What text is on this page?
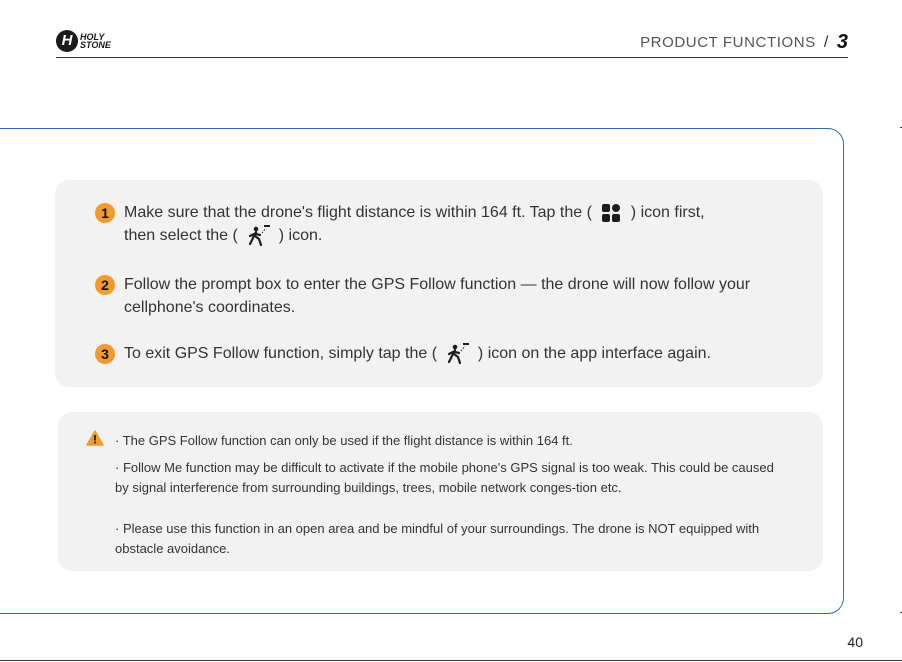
H HOLY
STONE	PRODUCT FUNCTIONS / 3
1 Make sure that the drone's flight distance is within 164 ft. Tap the (
) icon first,
then select the (  ) icon.
2 Follow the prompt box to enter the GPS Follow function — the drone will now follow your cellphone's coordinates.
3 To exit GPS Follow function, simply tap the (  ) icon on the app interface again.
· The GPS Follow function can only be used if the flight distance is within 164 ft.
· Follow Me function may be difficult to activate if the mobile phone's GPS signal is too weak. This could be caused by signal interference from surrounding buildings, trees, mobile network conges-tion etc.
· Please use this function in an open area and be mindful of your surroundings. The drone is NOT equipped with obstacle avoidance.
40
